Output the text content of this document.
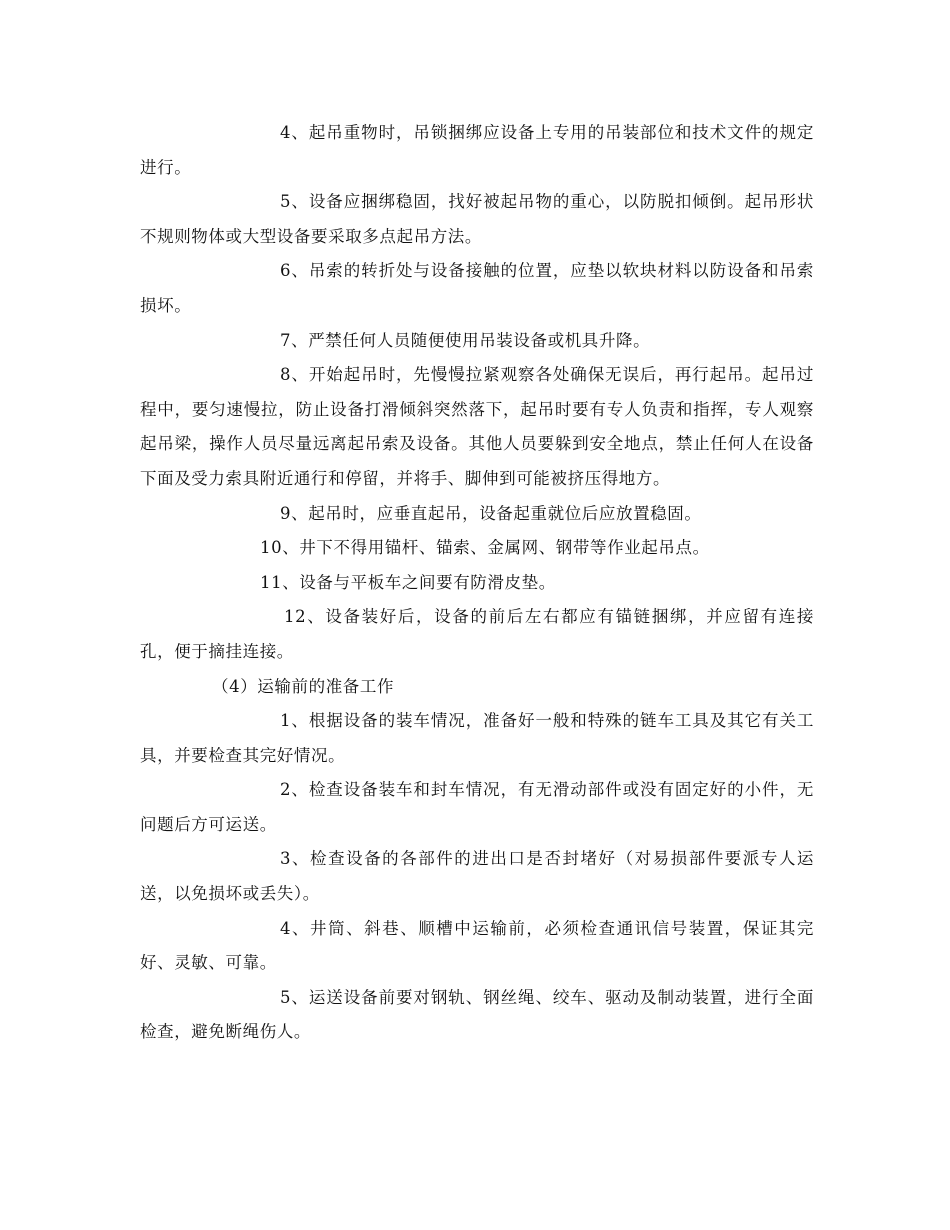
4、起吊重物时，吊锁捆绑应设备上专用的吊装部位和技术文件的规定进行。

5、设备应捆绑稳固，找好被起吊物的重心，以防脱扣倾倒。起吊形状不规则物体或大型设备要采取多点起吊方法。

6、吊索的转折处与设备接触的位置，应垫以软块材料以防设备和吊索损坏。

7、严禁任何人员随便使用吊装设备或机具升降。

8、开始起吊时，先慢慢拉紧观察各处确保无误后，再行起吊。起吊过程中，要匀速慢拉，防止设备打滑倾斜突然落下，起吊时要有专人负责和指挥，专人观察起吊梁，操作人员尽量远离起吊索及设备。其他人员要躲到安全地点，禁止任何人在设备下面及受力索具附近通行和停留，并将手、脚伸到可能被挤压得地方。

9、起吊时，应垂直起吊，设备起重就位后应放置稳固。

10、井下不得用锚杆、锚索、金属网、钢带等作业起吊点。

11、设备与平板车之间要有防滑皮垫。

12、设备装好后，设备的前后左右都应有锚链捆绑，并应留有连接孔，便于摘挂连接。

（4）运输前的准备工作

1、根据设备的装车情况，准备好一般和特殊的链车工具及其它有关工具，并要检查其完好情况。

2、检查设备装车和封车情况，有无滑动部件或没有固定好的小件，无问题后方可运送。

3、检查设备的各部件的进出口是否封堵好（对易损部件要派专人运送，以免损坏或丢失）。

4、井筒、斜巷、顺槽中运输前，必须检查通讯信号装置，保证其完好、灵敏、可靠。

5、运送设备前要对钢轨、钢丝绳、绞车、驱动及制动装置，进行全面检查，避免断绳伤人。
